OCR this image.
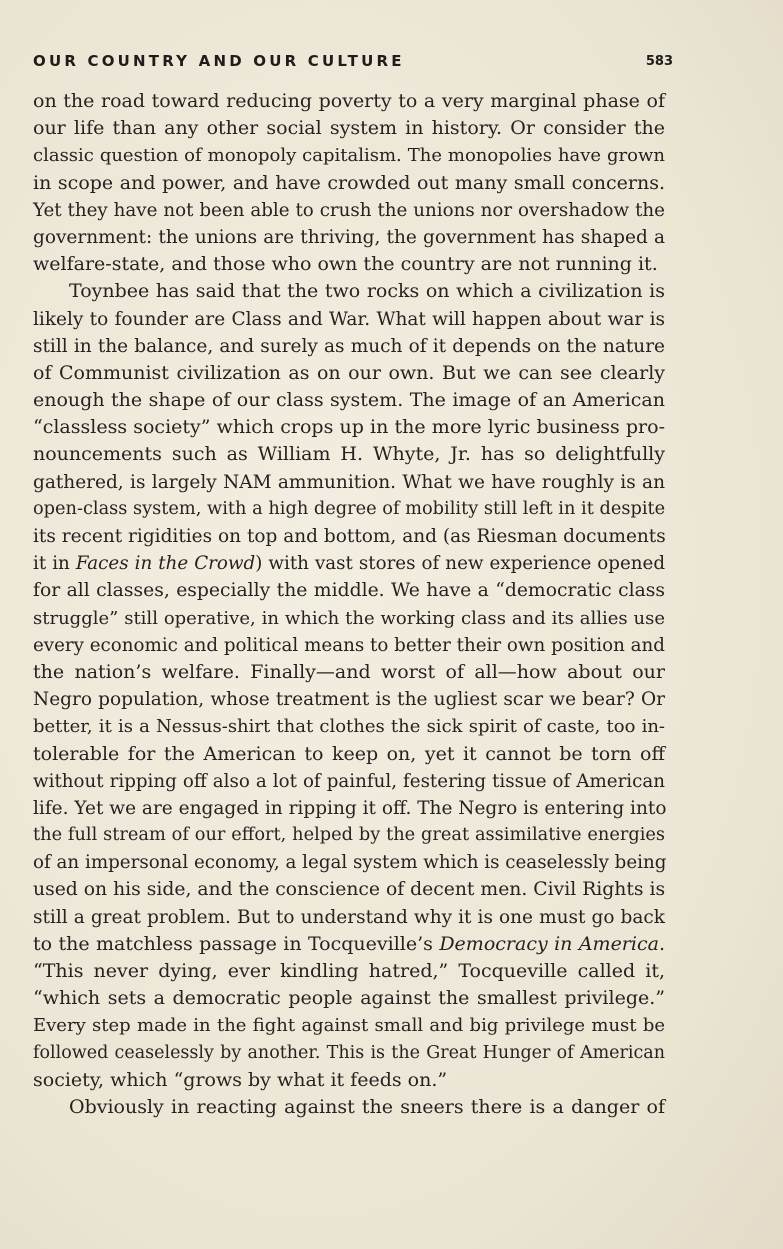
OUR COUNTRY AND OUR CULTURE	583
on the road toward reducing poverty to a very marginal phase of
our life than any other social system in history. Or consider the
classic question of monopoly capitalism. The monopolies have grown
in scope and power, and have crowded out many small concerns.
Yet they have not been able to crush the unions nor overshadow the
government: the unions are thriving, the government has shaped a
welfare-state, and those who own the country are not running it.
Toynbee has said that the two rocks on which a civilization is
likely to founder are Class and War. What will happen about war is
still in the balance, and surely as much of it depends on the nature
of Communist civilization as on our own. But we can see clearly
enough the shape of our class system. The image of an American
“classless society” which crops up in the more lyric business pro-
nouncements such as William H. Whyte, Jr. has so delightfully
gathered, is largely NAM ammunition. What we have roughly is an
open-class system, with a high degree of mobility still left in it despite
its recent rigidities on top and bottom, and (as Riesman documents
it in Faces in the Crowd) with vast stores of new experience opened
for all classes, especially the middle. We have a “democratic class
struggle” still operative, in which the working class and its allies use
every economic and political means to better their own position and
the nation’s welfare. Finally—and worst of all—how about our
Negro population, whose treatment is the ugliest scar we bear? Or
better, it is a Nessus-shirt that clothes the sick spirit of caste, too in-
tolerable for the American to keep on, yet it cannot be torn off
without ripping off also a lot of painful, festering tissue of American
life. Yet we are engaged in ripping it off. The Negro is entering into
the full stream of our effort, helped by the great assimilative energies
of an impersonal economy, a legal system which is ceaselessly being
used on his side, and the conscience of decent men. Civil Rights is
still a great problem. But to understand why it is one must go back
to the matchless passage in Tocqueville’s Democracy in America.
“This never dying, ever kindling hatred,” Tocqueville called it,
“which sets a democratic people against the smallest privilege.”
Every step made in the fight against small and big privilege must be
followed ceaselessly by another. This is the Great Hunger of American
society, which “grows by what it feeds on.”
Obviously in reacting against the sneers there is a danger of
